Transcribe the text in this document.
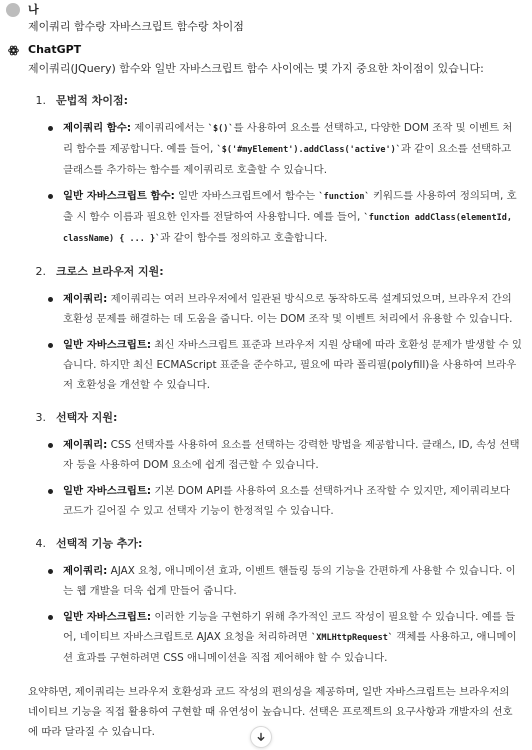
나
제이쿼리 함수랑 자바스크립트 함수랑 차이점
ChatGPT

제이쿼리(JQuery) 함수와 일반 자바스크립트 함수 사이에는 몇 가지 중요한 차이점이 있습니다:

1. 문법적 차이점:
제이쿼리 함수: 제이쿼리에서는 `$()`를 사용하여 요소를 선택하고, 다양한 DOM 조작 및 이벤트 처리 함수를 제공합니다. 예를 들어, `$('#myElement').addClass('active')`과 같이 요소를 선택하고 클래스를 추가하는 함수를 제이쿼리로 호출할 수 있습니다.
일반 자바스크립트 함수: 일반 자바스크립트에서 함수는 `function` 키워드를 사용하여 정의되며, 호출 시 함수 이름과 필요한 인자를 전달하여 사용합니다. 예를 들어, `function addClass(elementId, className) { ... }`과 같이 함수를 정의하고 호출합니다.
2. 크로스 브라우저 지원:
제이쿼리: 제이쿼리는 여러 브라우저에서 일관된 방식으로 동작하도록 설계되었으며, 브라우저 간의 호환성 문제를 해결하는 데 도움을 줍니다. 이는 DOM 조작 및 이벤트 처리에서 유용할 수 있습니다.
일반 자바스크립트: 최신 자바스크립트 표준과 브라우저 지원 상태에 따라 호환성 문제가 발생할 수 있습니다. 하지만 최신 ECMAScript 표준을 준수하고, 필요에 따라 폴리필(polyfill)을 사용하여 브라우저 호환성을 개선할 수 있습니다.
3. 선택자 지원:
제이쿼리: CSS 선택자를 사용하여 요소를 선택하는 강력한 방법을 제공합니다. 클래스, ID, 속성 선택자 등을 사용하여 DOM 요소에 쉽게 접근할 수 있습니다.
일반 자바스크립트: 기본 DOM API를 사용하여 요소를 선택하거나 조작할 수 있지만, 제이쿼리보다 코드가 길어질 수 있고 선택자 기능이 한정적일 수 있습니다.
4. 선택적 기능 추가:
제이쿼리: AJAX 요청, 애니메이션 효과, 이벤트 핸들링 등의 기능을 간편하게 사용할 수 있습니다. 이는 웹 개발을 더욱 쉽게 만들어 줍니다.
일반 자바스크립트: 이러한 기능을 구현하기 위해 추가적인 코드 작성이 필요할 수 있습니다. 예를 들어, 네이티브 자바스크립트로 AJAX 요청을 처리하려면 `XMLHttpRequest` 객체를 사용하고, 애니메이션 효과를 구현하려면 CSS 애니메이션을 직접 제어해야 할 수 있습니다.

요약하면, 제이쿼리는 브라우저 호환성과 코드 작성의 편의성을 제공하며, 일반 자바스크립트는 브라우저의 네이티브 기능을 직접 활용하여 구현할 때 유연성이 높습니다. 선택은 프로젝트의 요구사항과 개발자의 선호에 따라 달라질 수 있습니다.
